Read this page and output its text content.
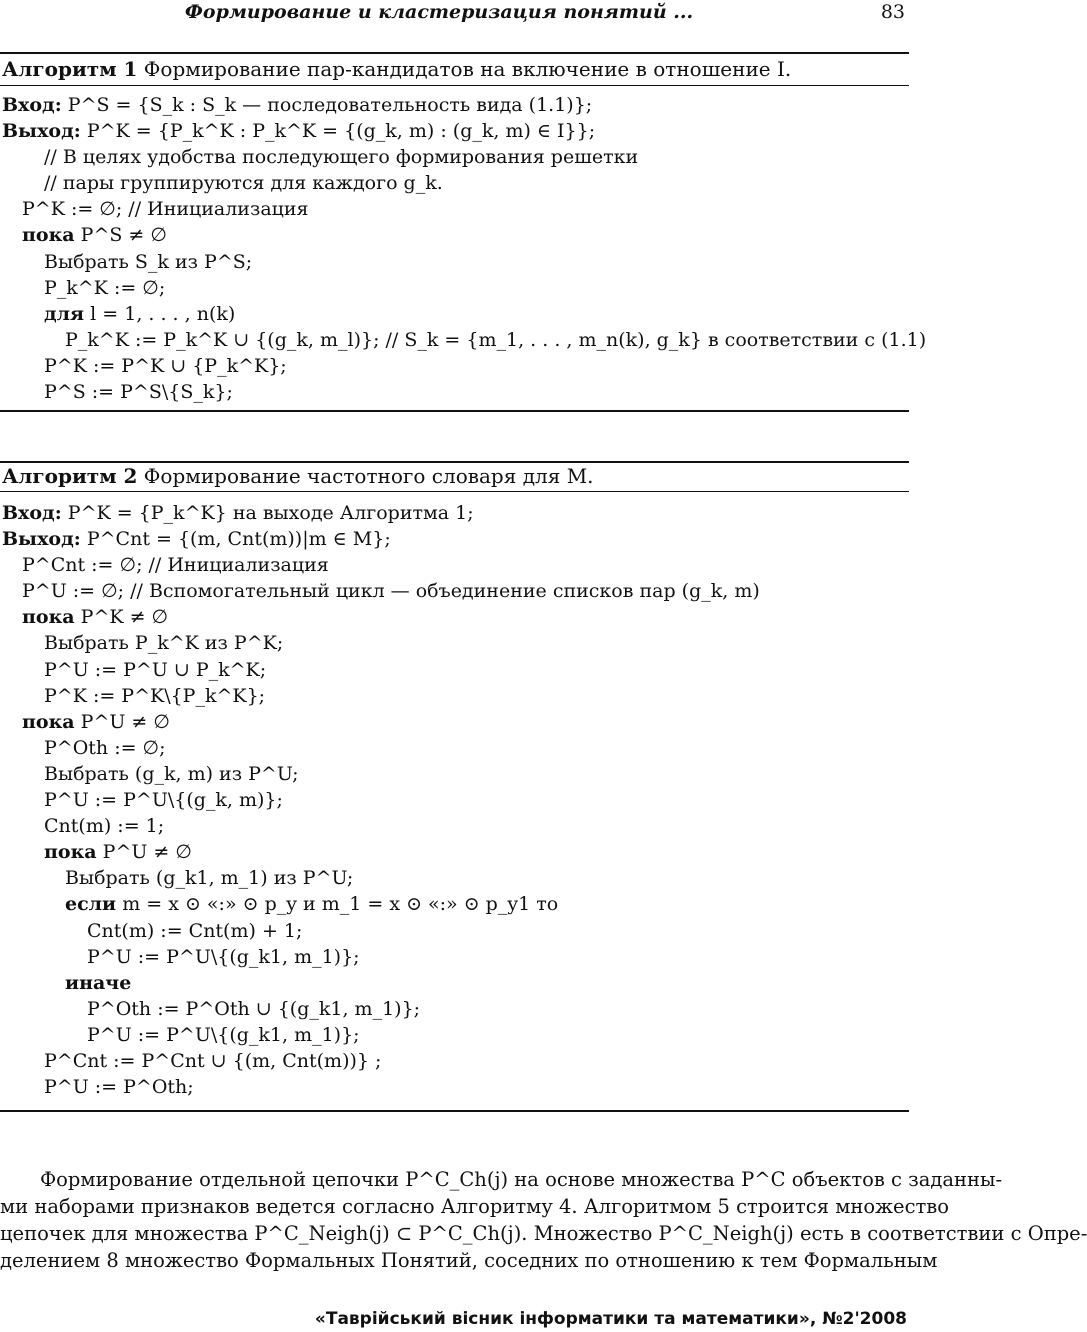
Формирование и кластеризация понятий ...	83
Алгоритм 1 Формирование пар-кандидатов на включение в отношение I.
Вход: P^S = {S_k : S_k — последовательность вида (1.1)};
Выход: P^K = {P_k^K : P_k^K = {(g_k, m) : (g_k, m) ∈ I}};
// В целях удобства последующего формирования решетки
// пары группируются для каждого g_k.
P^K := ∅; // Инициализация
пока P^S ≠ ∅
Выбрать S_k из P^S;
P_k^K := ∅;
для l = 1, . . . , n(k)
P_k^K := P_k^K ∪ {(g_k, m_l)}; // S_k = {m_1, . . . , m_n(k), g_k} в соответствии с (1.1)
P^K := P^K ∪ {P_k^K};
P^S := P^S\{S_k};
Алгоритм 2 Формирование частотного словаря для M.
Вход: P^K = {P_k^K} на выходе Алгоритма 1;
Выход: P^Cnt = {(m, Cnt(m))|m ∈ M};
P^Cnt := ∅; // Инициализация
P^U := ∅; // Вспомогательный цикл — объединение списков пар (g_k, m)
пока P^K ≠ ∅
Выбрать P_k^K из P^K;
P^U := P^U ∪ P_k^K;
P^K := P^K\{P_k^K};
пока P^U ≠ ∅
P^Oth := ∅;
Выбрать (g_k, m) из P^U;
P^U := P^U\{(g_k, m)};
Cnt(m) := 1;
пока P^U ≠ ∅
Выбрать (g_k1, m_1) из P^U;
если m = x ⊙ «:» ⊙ p_y и m_1 = x ⊙ «:» ⊙ p_y1 то
Cnt(m) := Cnt(m) + 1;
P^U := P^U\{(g_k1, m_1)};
иначе
P^Oth := P^Oth ∪ {(g_k1, m_1)};
P^U := P^U\{(g_k1, m_1)};
P^Cnt := P^Cnt ∪ {(m, Cnt(m))} ;
P^U := P^Oth;
Формирование отдельной цепочки P^C_Ch(j) на основе множества P^C объектов с заданны-
ми наборами признаков ведется согласно Алгоритму 4. Алгоритмом 5 строится множество
цепочек для множества P^C_Neigh(j) ⊂ P^C_Ch(j). Множество P^C_Neigh(j) есть в соответствии с Опре-
делением 8 множество Формальных Понятий, соседних по отношению к тем Формальным
«Таврійський вісник інформатики та математики», №2'2008
